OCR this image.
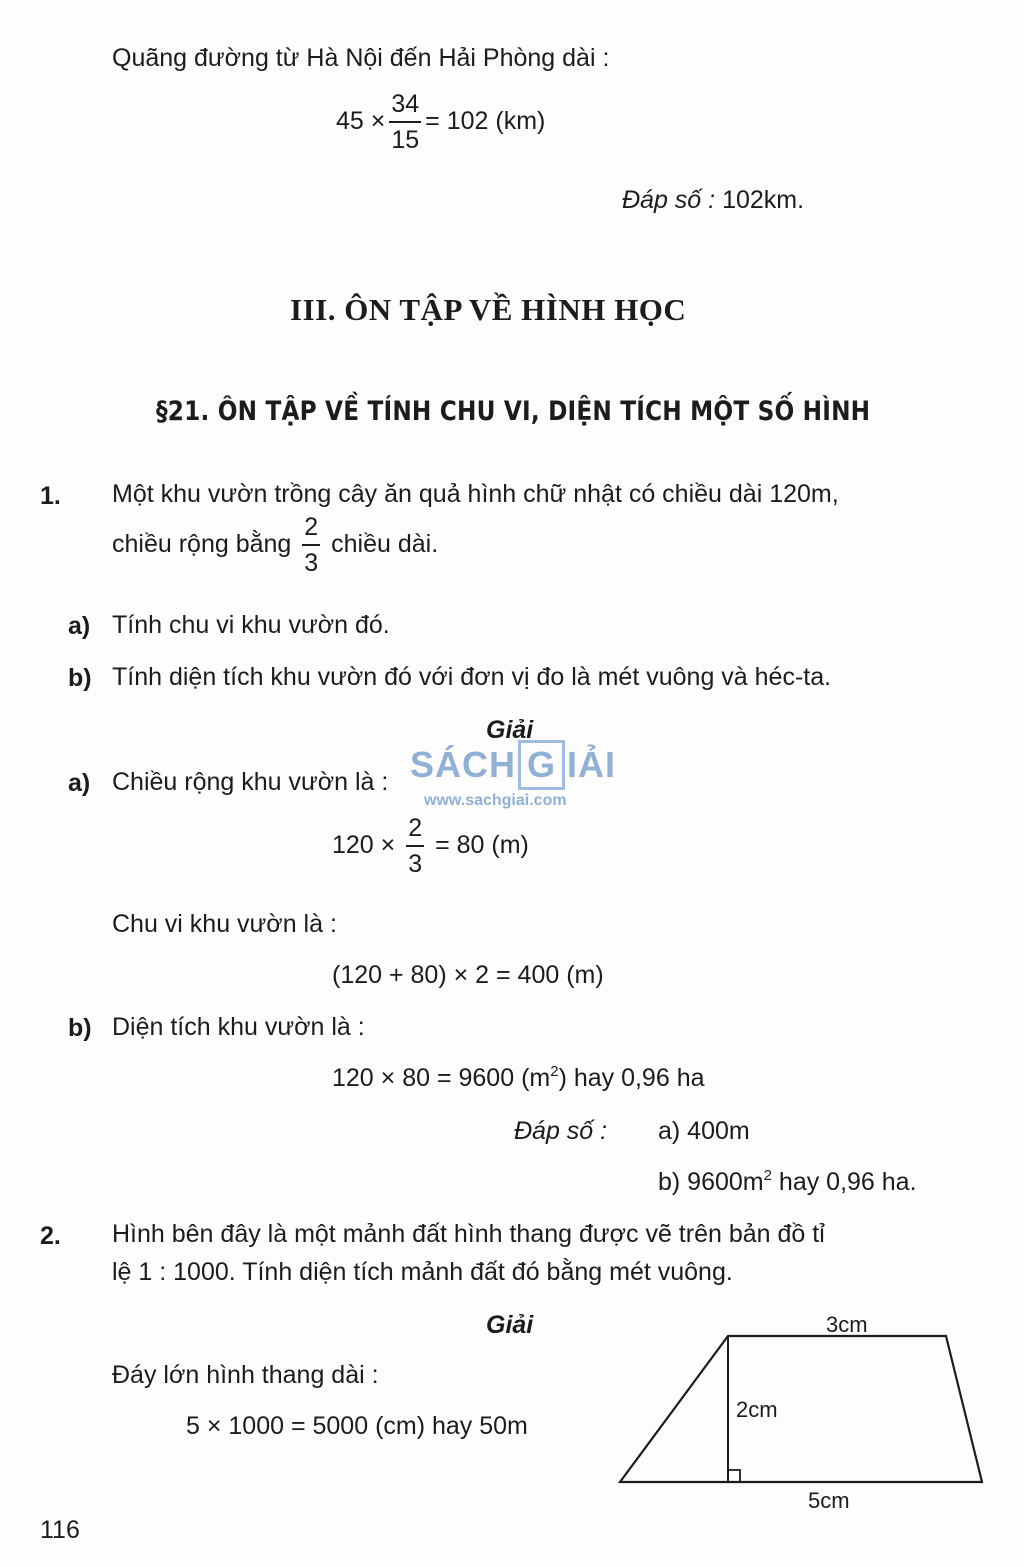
Quãng đường từ Hà Nội đến Hải Phòng dài :
$45 \times \frac{34}{15} = 102$ (km)
Đáp số : 102km.
III. ÔN TẬP VỀ HÌNH HỌC
§21. ÔN TẬP VỀ TÍNH CHU VI, DIỆN TÍCH MỘT SỐ HÌNH
1. Một khu vườn trồng cây ăn quả hình chữ nhật có chiều dài 120m,
chiều rộng bằng $\frac{2}{3}$ chiều dài.
a) Tính chu vi khu vườn đó.
b) Tính diện tích khu vườn đó với đơn vị đo là mét vuông và héc-ta.
Giải
SÁCH G IẢI
www.sachgiai.com
a) Chiều rộng khu vườn là :
$120 \times \frac{2}{3} = 80$ (m)
Chu vi khu vườn là :
(120 + 80) × 2 = 400 (m)
b) Diện tích khu vườn là :
120 × 80 = 9600 $(m^2)$ hay 0,96 ha
Đáp số : a) 400m
b) $9600m^2$ hay 0,96 ha.
2. Hình bên đây là một mảnh đất hình thang được vẽ trên bản đồ tỉ
lệ 1 : 1000. Tính diện tích mảnh đất đó bằng mét vuông.
Giải
Đáy lớn hình thang dài :
5 × 1000 = 5000 (cm) hay 50m
3cm
2cm
5cm
116
